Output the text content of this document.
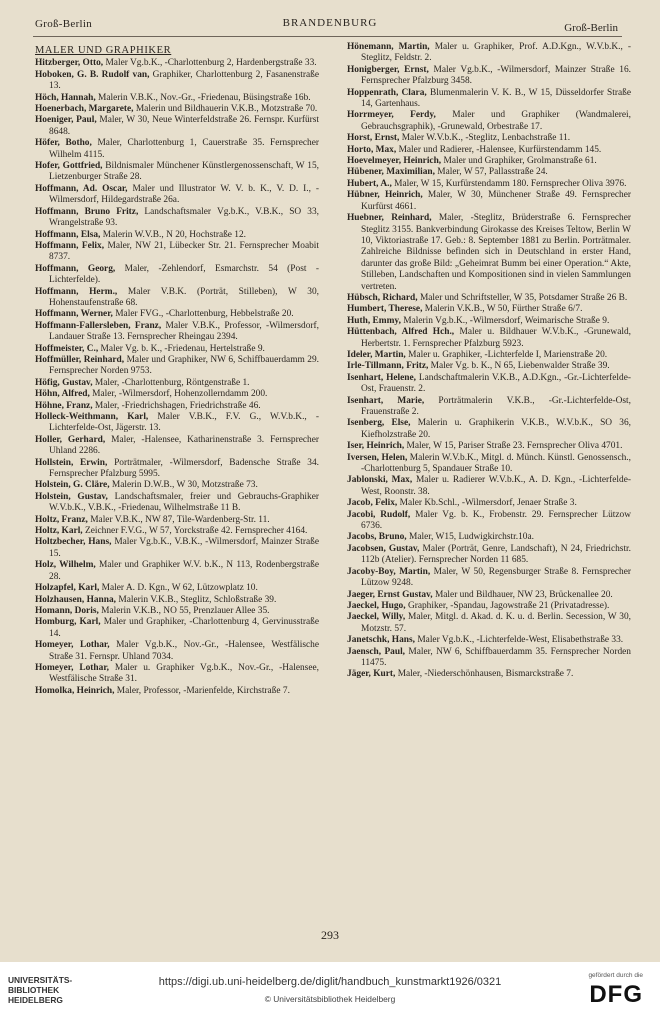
Groß-Berlin	BRANDENBURG	Groß-Berlin
MALER UND GRAPHIKER

Hitzberger, Otto, Maler Vg.b.K., -Charlottenburg 2, Hardenbergstraße 33.

Hoboken, G. B. Rudolf van, Graphiker, Charlottenburg 2, Fasanenstraße 13.

Höch, Hannah, Malerin V.B.K., Nov.-Gr., -Friedenau, Büsingstraße 16b.

Hoenerbach, Margarete, Malerin und Bildhauerin V.K.B., Motzstraße 70.

Hoeniger, Paul, Maler, W 30, Neue Winterfeldstraße 26. Fernspr. Kurfürst 8648.

Höfer, Botho, Maler, Charlottenburg 1, Cauerstraße 35. Fernsprecher Wilhelm 4115.

Hofer, Gottfried, Bildnismaler Münchener Künstlergenossenschaft, W 15, Lietzenburger Straße 28.

Hoffmann, Ad. Oscar, Maler und Illustrator W. V. b. K., V. D. I., -Wilmersdorf, Hildegardstraße 26a.

Hoffmann, Bruno Fritz, Landschaftsmaler Vg.b.K., V.B.K., SO 33, Wrangelstraße 93.

Hoffmann, Elsa, Malerin W.V.B., N 20, Hochstraße 12.

Hoffmann, Felix, Maler, NW 21, Lübecker Str. 21. Fernsprecher Moabit 8737.

Hoffmann, Georg, Maler, -Zehlendorf, Esmarchstr. 54 (Post -Lichterfelde).

Hoffmann, Herm., Maler V.B.K. (Porträt, Stilleben), W 30, Hohenstaufenstraße 68.

Hoffmann, Werner, Maler FVG., -Charlottenburg, Hebbelstraße 20.

Hoffmann-Fallersleben, Franz, Maler V.B.K., Professor, -Wilmersdorf, Landauer Straße 13. Fernsprecher Rheingau 2394.

Hoffmeister, C., Maler Vg. b. K., -Friedenau, Hertelstraße 9.

Hoffmüller, Reinhard, Maler und Graphiker, NW 6, Schiffbauerdamm 29. Fernsprecher Norden 9753.

Höfig, Gustav, Maler, -Charlottenburg, Röntgenstraße 1.

Höhn, Alfred, Maler, -Wilmersdorf, Hohenzollerndamm 200.

Höhne, Franz, Maler, -Friedrichshagen, Friedrichstraße 46.

Holleck-Weithmann, Karl, Maler V.B.K., F.V. G., W.V.b.K., -Lichterfelde-Ost, Jägerstr. 13.

Holler, Gerhard, Maler, -Halensee, Katharinenstraße 3. Fernsprecher Uhland 2286.

Hollstein, Erwin, Porträtmaler, -Wilmersdorf, Badensche Straße 34. Fernsprecher Pfalzburg 5995.

Holstein, G. Cläre, Malerin D.W.B., W 30, Motzstraße 73.

Holstein, Gustav, Landschaftsmaler, freier und Gebrauchs-Graphiker W.V.b.K., V.B.K., -Friedenau, Wilhelmstraße 11 B.

Holtz, Franz, Maler V.B.K., NW 87, Tile-Wardenberg-Str. 11.

Holtz, Karl, Zeichner F.V.G., W 57, Yorckstraße 42. Fernsprecher 4164.

Holtzbecher, Hans, Maler Vg.b.K., V.B.K., -Wilmersdorf, Mainzer Straße 15.

Holz, Wilhelm, Maler und Graphiker W.V. b.K., N 113, Rodenbergstraße 28.

Holzapfel, Karl, Maler A. D. Kgn., W 62, Lützowplatz 10.

Holzhausen, Hanna, Malerin V.K.B., Steglitz, Schloßstraße 39.

Homann, Doris, Malerin V.K.B., NO 55, Prenzlauer Allee 35.

Homburg, Karl, Maler und Graphiker, -Charlottenburg 4, Gervinusstraße 14.

Homeyer, Lothar, Maler Vg.b.K., Nov.-Gr., -Halensee, Westfälische Straße 31. Fernspr. Uhland 7034.

Homeyer, Lothar, Maler u. Graphiker Vg.b.K., Nov.-Gr., -Halensee, Westfälische Straße 31.

Homolka, Heinrich, Maler, Professor, -Marienfelde, Kirchstraße 7.

Hönemann, Martin, Maler u. Graphiker, Prof. A.D.Kgn., W.V.b.K., -Steglitz, Feldstr. 2.

Honigberger, Ernst, Maler Vg.b.K., -Wilmersdorf, Mainzer Straße 16. Fernsprecher Pfalzburg 3458.

Hoppenrath, Clara, Blumenmalerin V. K. B., W 15, Düsseldorfer Straße 14, Gartenhaus.

Horrmeyer, Ferdy, Maler und Graphiker (Wandmalerei, Gebrauchsgraphik), -Grunewald, Orbestraße 17.

Horst, Ernst, Maler W.V.b.K., -Steglitz, Lenbachstraße 11.

Horto, Max, Maler und Radierer, -Halensee, Kurfürstendamm 145.

Hoevelmeyer, Heinrich, Maler und Graphiker, Grolmanstraße 61.

Hübener, Maximilian, Maler, W 57, Pallasstraße 24.

Hubert, A., Maler, W 15, Kurfürstendamm 180. Fernsprecher Oliva 3976.

Hübner, Heinrich, Maler, W 30, Münchener Straße 49. Fernsprecher Kurfürst 4661.

Huebner, Reinhard, Maler, -Steglitz, Brüderstraße 6. Fernsprecher Steglitz 3155. Bankverbindung Girokasse des Kreises Teltow, Berlin W 10, Viktoriastraße 17. Geb.: 8. September 1881 zu Berlin. Porträtmaler. Zahlreiche Bildnisse befinden sich in Deutschland in erster Hand, darunter das große Bild: „Geheimrat Bumm bei einer Operation.“ Akte, Stilleben, Landschaften und Kompositionen sind in vielen Sammlungen vertreten.

Hübsch, Richard, Maler und Schriftsteller, W 35, Potsdamer Straße 26 B.

Humbert, Therese, Malerin V.K.B., W 50, Fürther Straße 6/7.

Huth, Emmy, Malerin Vg.b.K., -Wilmersdorf, Weimarische Straße 9.

Hüttenbach, Alfred Hch., Maler u. Bildhauer W.V.b.K., -Grunewald, Herbertstr. 1. Fernsprecher Pfalzburg 5923.

Ideler, Martin, Maler u. Graphiker, -Lichterfelde I, Marienstraße 20.

Irle-Tillmann, Fritz, Maler Vg. b. K., N 65, Liebenwalder Straße 39.

Isenhart, Helene, Landschaftmalerin V.K.B., A.D.Kgn., -Gr.-Lichterfelde-Ost, Frauenstr. 2.

Isenhart, Marie, Porträtmalerin V.K.B., -Gr.-Lichterfelde-Ost, Frauenstraße 2.

Isenberg, Else, Malerin u. Graphikerin V.K.B., W.V.b.K., SO 36, Kiefholzstraße 20.

Iser, Heinrich, Maler, W 15, Pariser Straße 23. Fernsprecher Oliva 4701.

Iversen, Helen, Malerin W.V.b.K., Mitgl. d. Münch. Künstl. Genossensch., -Charlottenburg 5, Spandauer Straße 10.

Jablonski, Max, Maler u. Radierer W.V.b.K., A. D. Kgn., -Lichterfelde-West, Roonstr. 38.

Jacob, Felix, Maler Kb.Schl., -Wilmersdorf, Jenaer Straße 3.

Jacobi, Rudolf, Maler Vg. b. K., Frobenstr. 29. Fernsprecher Lützow 6736.

Jacobs, Bruno, Maler, W15, Ludwigkirchstr.10a.

Jacobsen, Gustav, Maler (Porträt, Genre, Landschaft), N 24, Friedrichstr. 112b (Atelier). Fernsprecher Norden 11 685.

Jacoby-Boy, Martin, Maler, W 50, Regensburger Straße 8. Fernsprecher Lützow 9248.

Jaeger, Ernst Gustav, Maler und Bildhauer, NW 23, Brückenallee 20.

Jaeckel, Hugo, Graphiker, -Spandau, Jagowstraße 21 (Privatadresse).

Jaeckel, Willy, Maler, Mitgl. d. Akad. d. K. u. d. Berlin. Secession, W 30, Motzstr. 57.

Janetschk, Hans, Maler Vg.b.K., -Lichterfelde-West, Elisabethstraße 33.

Jaensch, Paul, Maler, NW 6, Schiffbauerdamm 35. Fernsprecher Norden 11475.

Jäger, Kurt, Maler, -Niederschönhausen, Bismarckstraße 7.

293
UNIVERSITÄTS-
BIBLIOTHEK
HEIDELBERG
https://digi.ub.uni-heidelberg.de/diglit/handbuch_kunstmarkt1926/0321
© Universitätsbibliothek Heidelberg
gefördert durch die
DFG
